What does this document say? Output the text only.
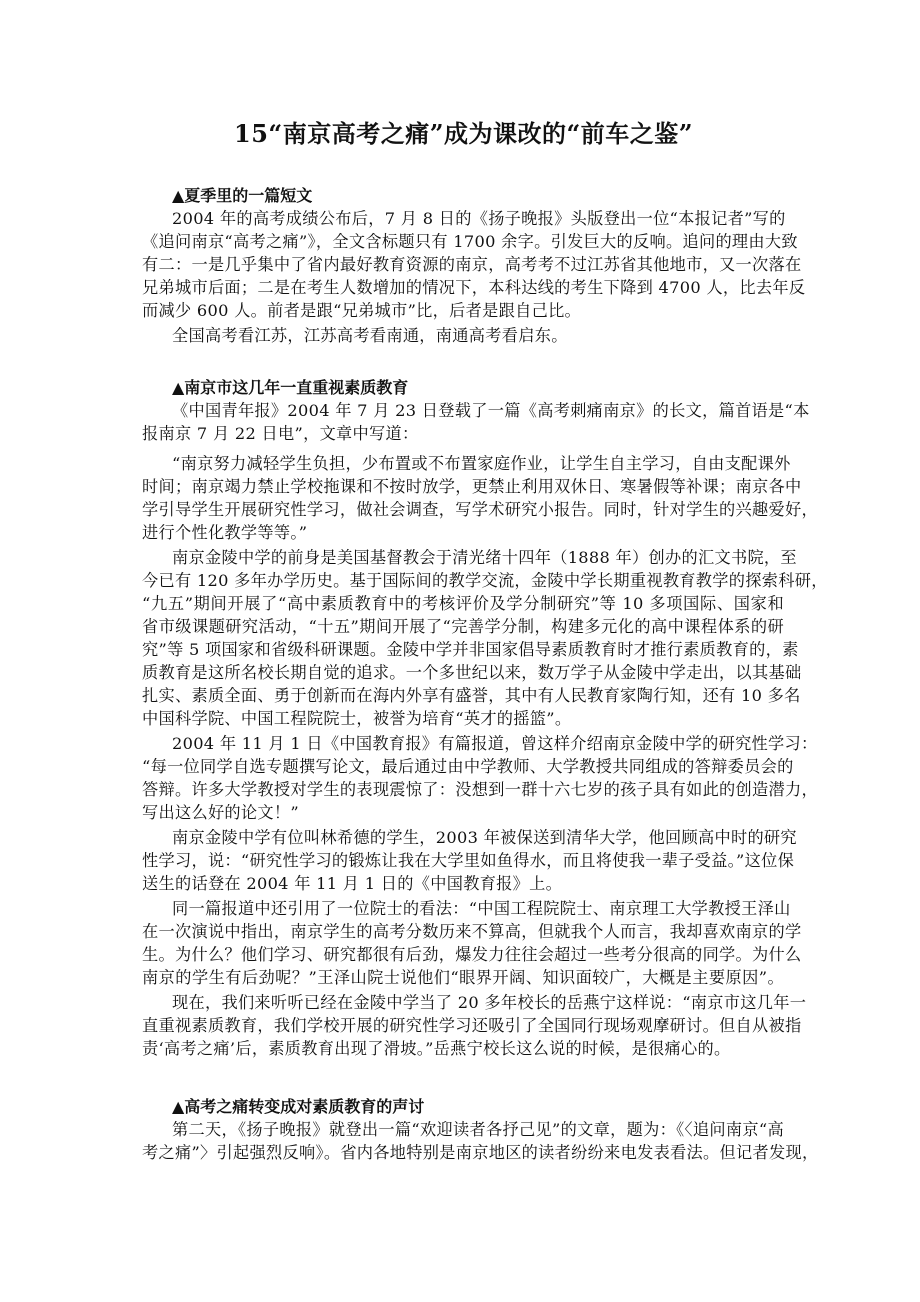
15“南京高考之痛”成为课改的“前车之鉴”
▲夏季里的一篇短文
2004 年的高考成绩公布后，7 月 8 日的《扬子晚报》头版登出一位“本报记者”写的
《追问南京“高考之痛”》，全文含标题只有 1700 余字。引发巨大的反响。追问的理由大致
有二：一是几乎集中了省内最好教育资源的南京，高考考不过江苏省其他地市，又一次落在
兄弟城市后面；二是在考生人数增加的情况下，本科达线的考生下降到 4700 人，比去年反
而减少 600 人。前者是跟“兄弟城市”比，后者是跟自己比。
全国高考看江苏，江苏高考看南通，南通高考看启东。
▲南京市这几年一直重视素质教育
《中国青年报》2004 年 7 月 23 日登载了一篇《高考刺痛南京》的长文，篇首语是“本
报南京 7 月 22 日电”，文章中写道：
“南京努力减轻学生负担，少布置或不布置家庭作业，让学生自主学习，自由支配课外
时间；南京竭力禁止学校拖课和不按时放学，更禁止利用双休日、寒暑假等补课；南京各中
学引导学生开展研究性学习，做社会调查，写学术研究小报告。同时，针对学生的兴趣爱好，
进行个性化教学等等。”
南京金陵中学的前身是美国基督教会于清光绪十四年（1888 年）创办的汇文书院，至
今已有 120 多年办学历史。基于国际间的教学交流，金陵中学长期重视教育教学的探索科研，
“九五”期间开展了“高中素质教育中的考核评价及学分制研究”等 10 多项国际、国家和
省市级课题研究活动，“十五”期间开展了“完善学分制，构建多元化的高中课程体系的研
究”等 5 项国家和省级科研课题。金陵中学并非国家倡导素质教育时才推行素质教育的，素
质教育是这所名校长期自觉的追求。一个多世纪以来，数万学子从金陵中学走出，以其基础
扎实、素质全面、勇于创新而在海内外享有盛誉，其中有人民教育家陶行知，还有 10 多名
中国科学院、中国工程院院士，被誉为培育“英才的摇篮”。
2004 年 11 月 1 日《中国教育报》有篇报道，曾这样介绍南京金陵中学的研究性学习：
“每一位同学自选专题撰写论文，最后通过由中学教师、大学教授共同组成的答辩委员会的
答辩。许多大学教授对学生的表现震惊了：没想到一群十六七岁的孩子具有如此的创造潜力，
写出这么好的论文！”
南京金陵中学有位叫林希德的学生，2003 年被保送到清华大学，他回顾高中时的研究
性学习，说：“研究性学习的锻炼让我在大学里如鱼得水，而且将使我一辈子受益。”这位保
送生的话登在 2004 年 11 月 1 日的《中国教育报》上。
同一篇报道中还引用了一位院士的看法：“中国工程院院士、南京理工大学教授王泽山
在一次演说中指出，南京学生的高考分数历来不算高，但就我个人而言，我却喜欢南京的学
生。为什么？他们学习、研究都很有后劲，爆发力往往会超过一些考分很高的同学。为什么
南京的学生有后劲呢？”王泽山院士说他们“眼界开阔、知识面较广，大概是主要原因”。
现在，我们来听听已经在金陵中学当了 20 多年校长的岳燕宁这样说：“南京市这几年一
直重视素质教育，我们学校开展的研究性学习还吸引了全国同行现场观摩研讨。但自从被指
责‘高考之痛’后，素质教育出现了滑坡。”岳燕宁校长这么说的时候，是很痛心的。
▲高考之痛转变成对素质教育的声讨
第二天，《扬子晚报》就登出一篇“欢迎读者各抒己见”的文章，题为：《〈追问南京“高
考之痛”〉引起强烈反响》。省内各地特别是南京地区的读者纷纷来电发表看法。但记者发现，
